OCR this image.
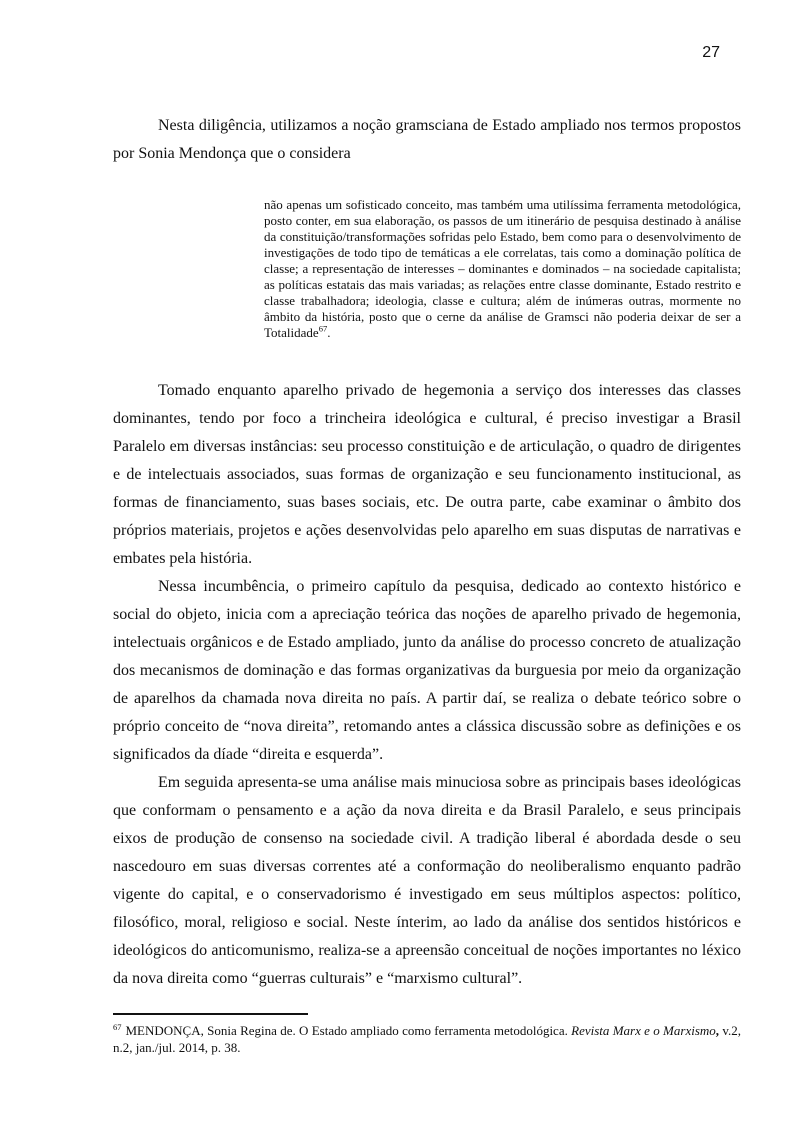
27

Nesta diligência, utilizamos a noção gramsciana de Estado ampliado nos termos propostos por Sonia Mendonça que o considera

não apenas um sofisticado conceito, mas também uma utilíssima ferramenta metodológica, posto conter, em sua elaboração, os passos de um itinerário de pesquisa destinado à análise da constituição/transformações sofridas pelo Estado, bem como para o desenvolvimento de investigações de todo tipo de temáticas a ele correlatas, tais como a dominação política de classe; a representação de interesses – dominantes e dominados – na sociedade capitalista; as políticas estatais das mais variadas; as relações entre classe dominante, Estado restrito e classe trabalhadora; ideologia, classe e cultura; além de inúmeras outras, mormente no âmbito da história, posto que o cerne da análise de Gramsci não poderia deixar de ser a Totalidade$^{67}$.

Tomado enquanto aparelho privado de hegemonia a serviço dos interesses das classes dominantes, tendo por foco a trincheira ideológica e cultural, é preciso investigar a Brasil Paralelo em diversas instâncias: seu processo constituição e de articulação, o quadro de dirigentes e de intelectuais associados, suas formas de organização e seu funcionamento institucional, as formas de financiamento, suas bases sociais, etc. De outra parte, cabe examinar o âmbito dos próprios materiais, projetos e ações desenvolvidas pelo aparelho em suas disputas de narrativas e embates pela história.

Nessa incumbência, o primeiro capítulo da pesquisa, dedicado ao contexto histórico e social do objeto, inicia com a apreciação teórica das noções de aparelho privado de hegemonia, intelectuais orgânicos e de Estado ampliado, junto da análise do processo concreto de atualização dos mecanismos de dominação e das formas organizativas da burguesia por meio da organização de aparelhos da chamada nova direita no país. A partir daí, se realiza o debate teórico sobre o próprio conceito de “nova direita”, retomando antes a clássica discussão sobre as definições e os significados da díade “direita e esquerda”.

Em seguida apresenta-se uma análise mais minuciosa sobre as principais bases ideológicas que conformam o pensamento e a ação da nova direita e da Brasil Paralelo, e seus principais eixos de produção de consenso na sociedade civil. A tradição liberal é abordada desde o seu nascedouro em suas diversas correntes até a conformação do neoliberalismo enquanto padrão vigente do capital, e o conservadorismo é investigado em seus múltiplos aspectos: político, filosófico, moral, religioso e social. Neste ínterim, ao lado da análise dos sentidos históricos e ideológicos do anticomunismo, realiza-se a apreensão conceitual de noções importantes no léxico da nova direita como “guerras culturais” e “marxismo cultural”.

$^{67}$ MENDONÇA, Sonia Regina de. O Estado ampliado como ferramenta metodológica. Revista Marx e o Marxismo, v.2, n.2, jan./jul. 2014, p. 38.
